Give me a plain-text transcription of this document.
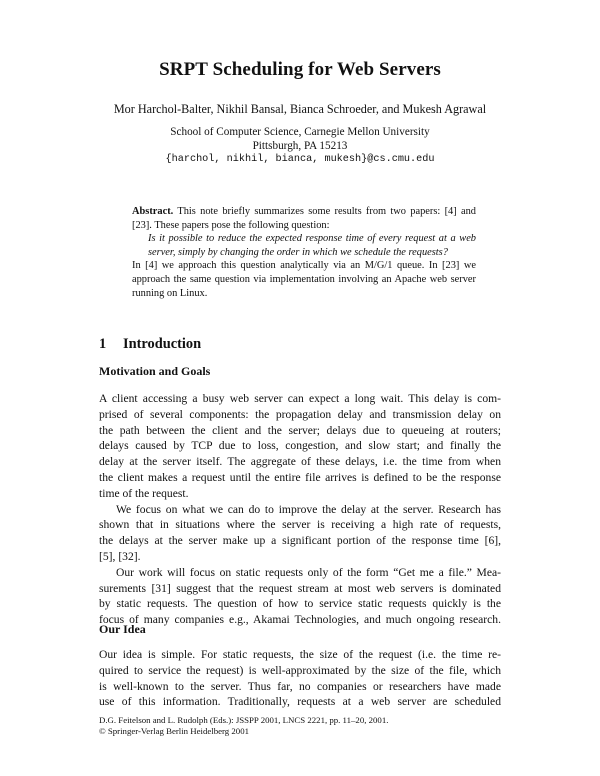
SRPT Scheduling for Web Servers
Mor Harchol-Balter, Nikhil Bansal, Bianca Schroeder, and Mukesh Agrawal
School of Computer Science, Carnegie Mellon University
Pittsburgh, PA 15213
{harchol, nikhil, bianca, mukesh}@cs.cmu.edu

Abstract. This note briefly summarizes some results from two papers: [4] and [23]. These papers pose the following question:

Is it possible to reduce the expected response time of every request at a web server, simply by changing the order in which we schedule the requests?

In [4] we approach this question analytically via an M/G/1 queue. In [23] we approach the same question via implementation involving an Apache web server running on Linux.

1 Introduction
Motivation and Goals
A client accessing a busy web server can expect a long wait. This delay is com-
prised of several components: the propagation delay and transmission delay on
the path between the client and the server; delays due to queueing at routers;
delays caused by TCP due to loss, congestion, and slow start; and finally the
delay at the server itself. The aggregate of these delays, i.e. the time from when
the client makes a request until the entire file arrives is defined to be the response
time of the request.
We focus on what we can do to improve the delay at the server. Research has
shown that in situations where the server is receiving a high rate of requests,
the delays at the server make up a significant portion of the response time [6],
[5], [32].
Our work will focus on static requests only of the form “Get me a file.” Mea-
surements [31] suggest that the request stream at most web servers is dominated
by static requests. The question of how to service static requests quickly is the
focus of many companies e.g., Akamai Technologies, and much ongoing research.
Our Idea
Our idea is simple. For static requests, the size of the request (i.e. the time re-
quired to service the request) is well-approximated by the size of the file, which
is well-known to the server. Thus far, no companies or researchers have made
use of this information. Traditionally, requests at a web server are scheduled
D.G. Feitelson and L. Rudolph (Eds.): JSSPP 2001, LNCS 2221, pp. 11–20, 2001.
© Springer-Verlag Berlin Heidelberg 2001
